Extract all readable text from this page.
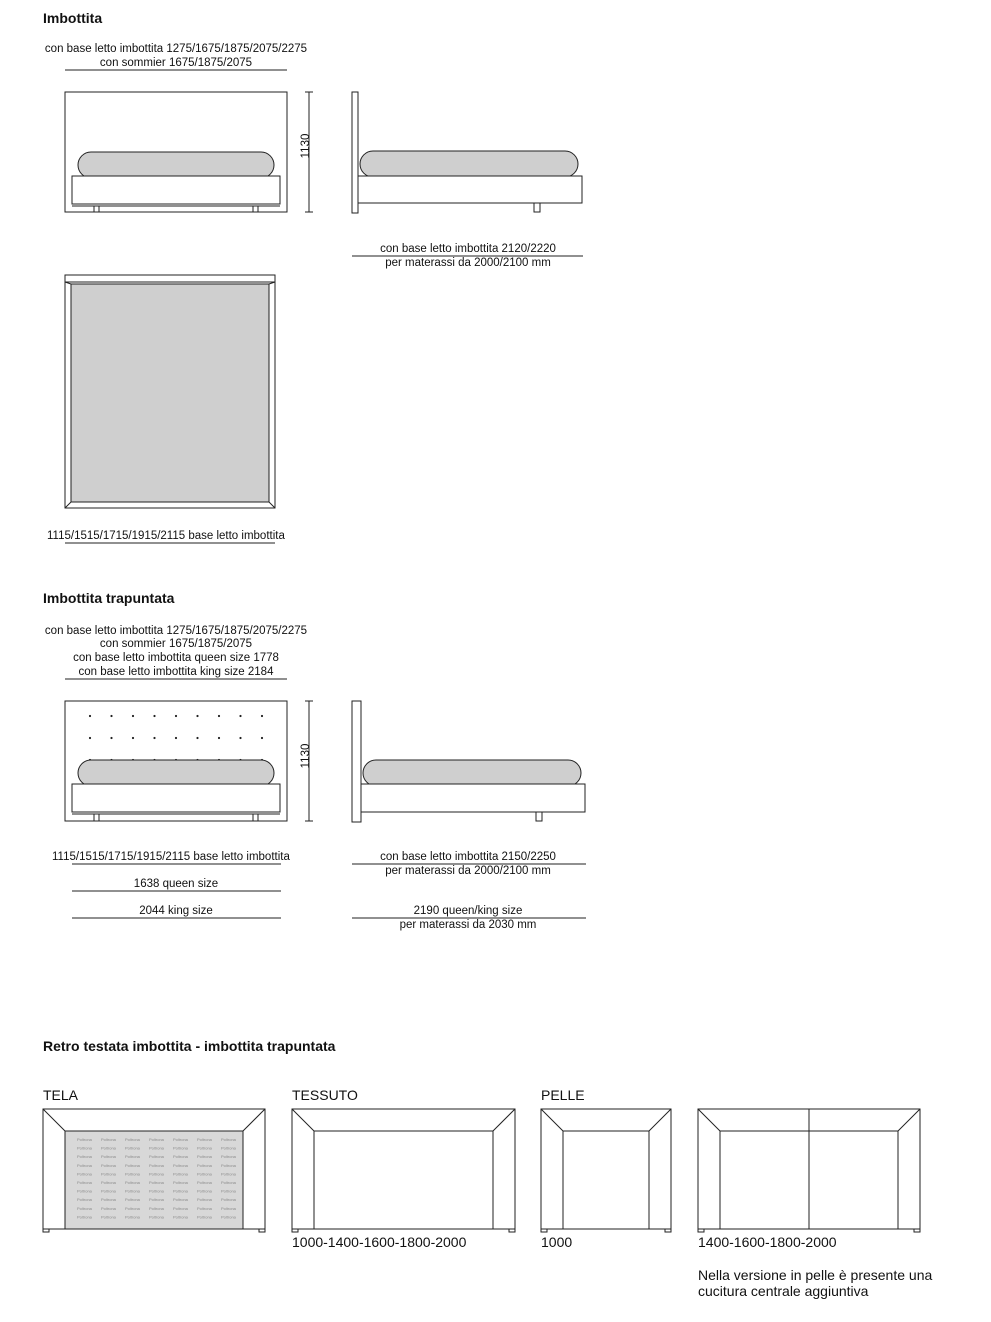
Imbottita
con base letto imbottita 1275/1675/1875/2075/2275
con sommier 1675/1875/2075
1130
con base letto imbottita 2120/2220
per materassi da 2000/2100 mm
1115/1515/1715/1915/2115 base letto imbottita
Imbottita trapuntata
con base letto imbottita 1275/1675/1875/2075/2275
con sommier 1675/1875/2075
con base letto imbottita queen size 1778
con base letto imbottita king size 2184
1130
1115/1515/1715/1915/2115 base letto imbottita
1638 queen size
2044 king size
con base letto imbottita 2150/2250
per materassi da 2000/2100 mm
2190 queen/king size
per materassi da 2030 mm
Retro testata imbottita - imbottita trapuntata
TELA	TESSUTO	PELLE
1000-1400-1600-1800-2000	1000	1400-1600-1800-2000
Nella versione in pelle è presente una
cucitura centrale aggiuntiva
Poltrona Poltrona Poltrona Poltrona Poltrona Poltrona Poltrona
Poltrona Poltrona Poltrona Poltrona Poltrona Poltrona Poltrona
Poltrona Poltrona Poltrona Poltrona Poltrona Poltrona Poltrona
Poltrona Poltrona Poltrona Poltrona Poltrona Poltrona Poltrona
Poltrona Poltrona Poltrona Poltrona Poltrona Poltrona Poltrona
Poltrona Poltrona Poltrona Poltrona Poltrona Poltrona Poltrona
Poltrona Poltrona Poltrona Poltrona Poltrona Poltrona Poltrona
Poltrona Poltrona Poltrona Poltrona Poltrona Poltrona Poltrona
Poltrona Poltrona Poltrona Poltrona Poltrona Poltrona Poltrona
Poltrona Poltrona Poltrona Poltrona Poltrona Poltrona Poltrona
